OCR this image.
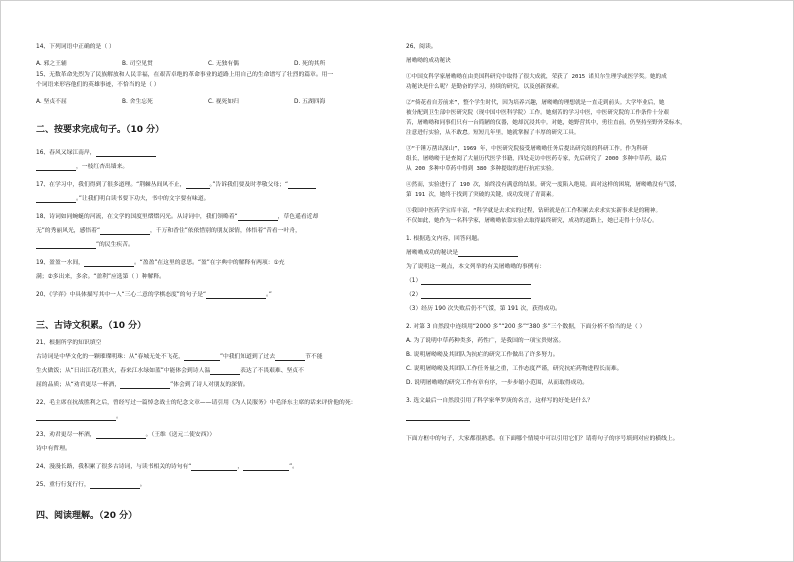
14、下列词语中正确的是（ ）
A. 邪之王辅	B. 司空见贯	C. 无独有偶	D. 死的其所
15、无数革命先烈为了民族解放和人民幸福，在艰苦卓绝的革命事业的道路上用自己的生命谱写了壮烈的篇章。用一
个词语来形容他们的英雄事迹，不恰当的是（ ）
A. 坚贞不屈	B. 舍生忘死	C. 视死如归	D. 五湖四海
二、按要求完成句子。（10 分）
16、春风又绿江南岸，
，一枝红杏出墙来。
17、在学习中，我们得到了很多道理。“荆棘丛间风不止，	。”告诉我们要及时孝敬父母；“
。”让我们明白读书要下功夫，书中的文字要有味道。
18、诗词如同蜿蜒的河流，在文学的国度里熠熠闪光。从诗词中，我们领略着“	，草色遥看近却
无”的秀丽风光，感悟着“	，千万和香住”依依惜别的朋友深情，体悟着“昔看一叶舟，
”的民生疾苦。
19、盈盈一水间，	。“盈盈”在这里的意思。“盈”在字典中的解释有两项：①充
满；②多出来，多余。“盈利”应选第（ ）种解释。
20、《学弈》中具体描写其中一人“三心二意的学棋态度”的句子是“	。”
三、古诗文积累。（10 分）
21、根据所学的知识填空
古诗词是中华文化的一颗璀璨明珠：从“春城无处不飞花，	”中我们知道到了过去	节不能
生火做饭；从“日出江花红胜火，春来江水绿如蓝”中能体会到诗人温	表达了不畏艰难、坚贞不
屈的品质；从“劝君更尽一杯酒，	”体会到了诗人对朋友的深情。
22、毛主席在抗战胜利之后，曾经写过一篇悼念战士的纪念文章——请引用《为人民服务》中毛泽东主席的话来评价他的死：
。
23、劝君更尽一杯酒，	。（王维《送元二使安西》）
诗中有哲理。
24、漫漫长路，我积累了很多古诗词，与读书相关的诗句有“	，	”。
25、重行行复行行，	。
四、阅读理解。（20 分）
26、阅读。
屠呦呦的成功秘诀
①中国女科学家屠呦呦在由美国科研究中取得了很大成就，荣获了 2015 诺贝尔生理学或医学奖。她的成
功秘诀是什么呢？是勤奋的学习，持续的研究，以及创新探索。
②“倚花看自芳前来”，整个学生时代，因为培养兴趣，屠呦呦的理想就是一直走到前头。大学毕业后，她
被分配到卫生部中医研究院（现中国中医科学院）工作。她刻苦的学习中医，中医研究院的工作条件十分艰
苦，屠呦呦和同事们只有一台简陋的仪器，她却沉浸其中。对她，她野营其中，勇往直前，仍坚持至野外采标本，
注意进行实验，从不敢怠。短短几年里，她就掌握了丰厚的研究工具。
③“千锤万凿出深山”，1969 年，中医研究院接受屠呦呦任务后提出研究组的科研工作。作为科研
组长，屠呦呦于是查阅了大量历代医学书籍，四处走访中医药专家，先后研究了 2000 多种中草药，最后
从 200 多种中草药中得到 380 多种提取的进行抗疟实验。
④然而，实验进行了 190 次，始终没有满意的结果。研究一度陷入绝境。面对这样的困境，屠呦呦没有气馁，
第 191 次，她终于找到了突破的关键，成功发现了青蒿素。
⑤我国中医药学宝库丰富，“科学就是去求实的过程，钻研就是在工作积累去求求实实新事求是的精神。
不仅如此，她作为一名科学家，屠呦呦依靠实验去取得最终研究，成功的道路上，她已走得十分尽心。
1. 根据选文内容，回答问题。
屠呦呦成功的秘诀是
为了说明这一观点，本文列举的有关屠呦呦的事例有：
（1）
（2）
（3）经历 190 次失败后仍不气馁，第 191 次，获得成功。
2. 对第 3 自然段中连续用“2000 多”“200 多”“380 多”三个数据，下面分析不恰当的是（ ）
A. 为了说明中草药种类多，药性广，是我国的一项宝贵财富。
B. 说明屠呦呦及其团队为抗疟的研究工作做出了许多努力。
C. 说明屠呦呦及其团队工作任务量之重，工作态度严谨，研究抗疟药物进程长而难。
D. 说明屠呦呦的研究工作有章有序，一步步缩小范围，从而取得成功。
3. 选文最后一自然段引用了科学家华罗庚的名言，这样写的好处是什么？
下面方框中的句子，大家都很熟悉。在下面哪个情境中可以引用它们？请将句子的序号填到对应的横线上。
